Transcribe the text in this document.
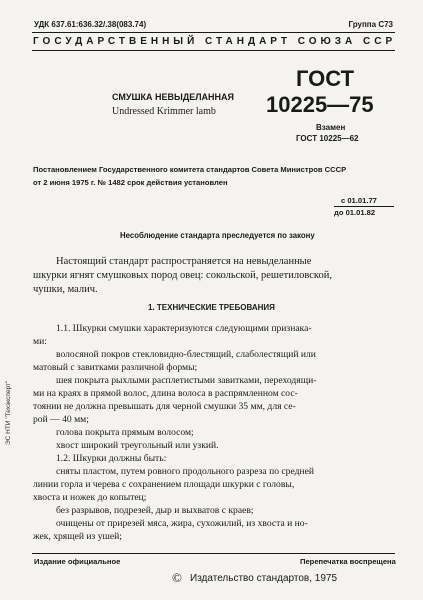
УДК 637.61:636.32/.38(083.74)	Группа С73
ГОСУДАРСТВЕННЫЙ СТАНДАРТ СОЮЗА ССР
СМУШКА НЕВЫДЕЛАННАЯ
Undressed Krimmer lamb
ГОСТ
10225—75
Взамен
ГОСТ 10225—62
Постановлением Государственного комитета стандартов Совета Министров СССР
от 2 июня 1975 г. № 1482 срок действия установлен
с 01.01.77
до 01.01.82
Несоблюдение стандарта преследуется по закону
Настоящий стандарт распространяется на невыделанные
шкурки ягнят смушковых пород овец: сокольской, решетиловской,
чушки, малич.
1. ТЕХНИЧЕСКИЕ ТРЕБОВАНИЯ
1.1. Шкурки смушки характеризуются следующими признака-
ми:
волосяной покров стекловидно-блестящий, слаболестящий или
матовый с завитками различной формы;
шея покрыта рыхлыми расплетистыми завитками, переходящи-
ми на краях в прямой волос, длина волоса в распрямленном сос-
тоянии не должна превышать для черной смушки 35 мм, для се-
рой — 40 мм;
голова покрыта прямым волосом;
хвост широкий треугольный или узкий.
1.2. Шкурки должны быть:
сняты пластом, путем ровного продольного разреза по средней
линии горла и черева с сохранением площади шкурки с головы,
хвоста и ножек до копытец;
без разрывов, подрезей, дыр и выхватов с краев;
очищены от прирезей мяса, жира, сухожилий, из хвоста и но-
жек, хрящей из ушей;
Издание официальное	Перепечатка воспрещена
© Издательство стандартов, 1975
ЭС НТИ "Техэксперт"
